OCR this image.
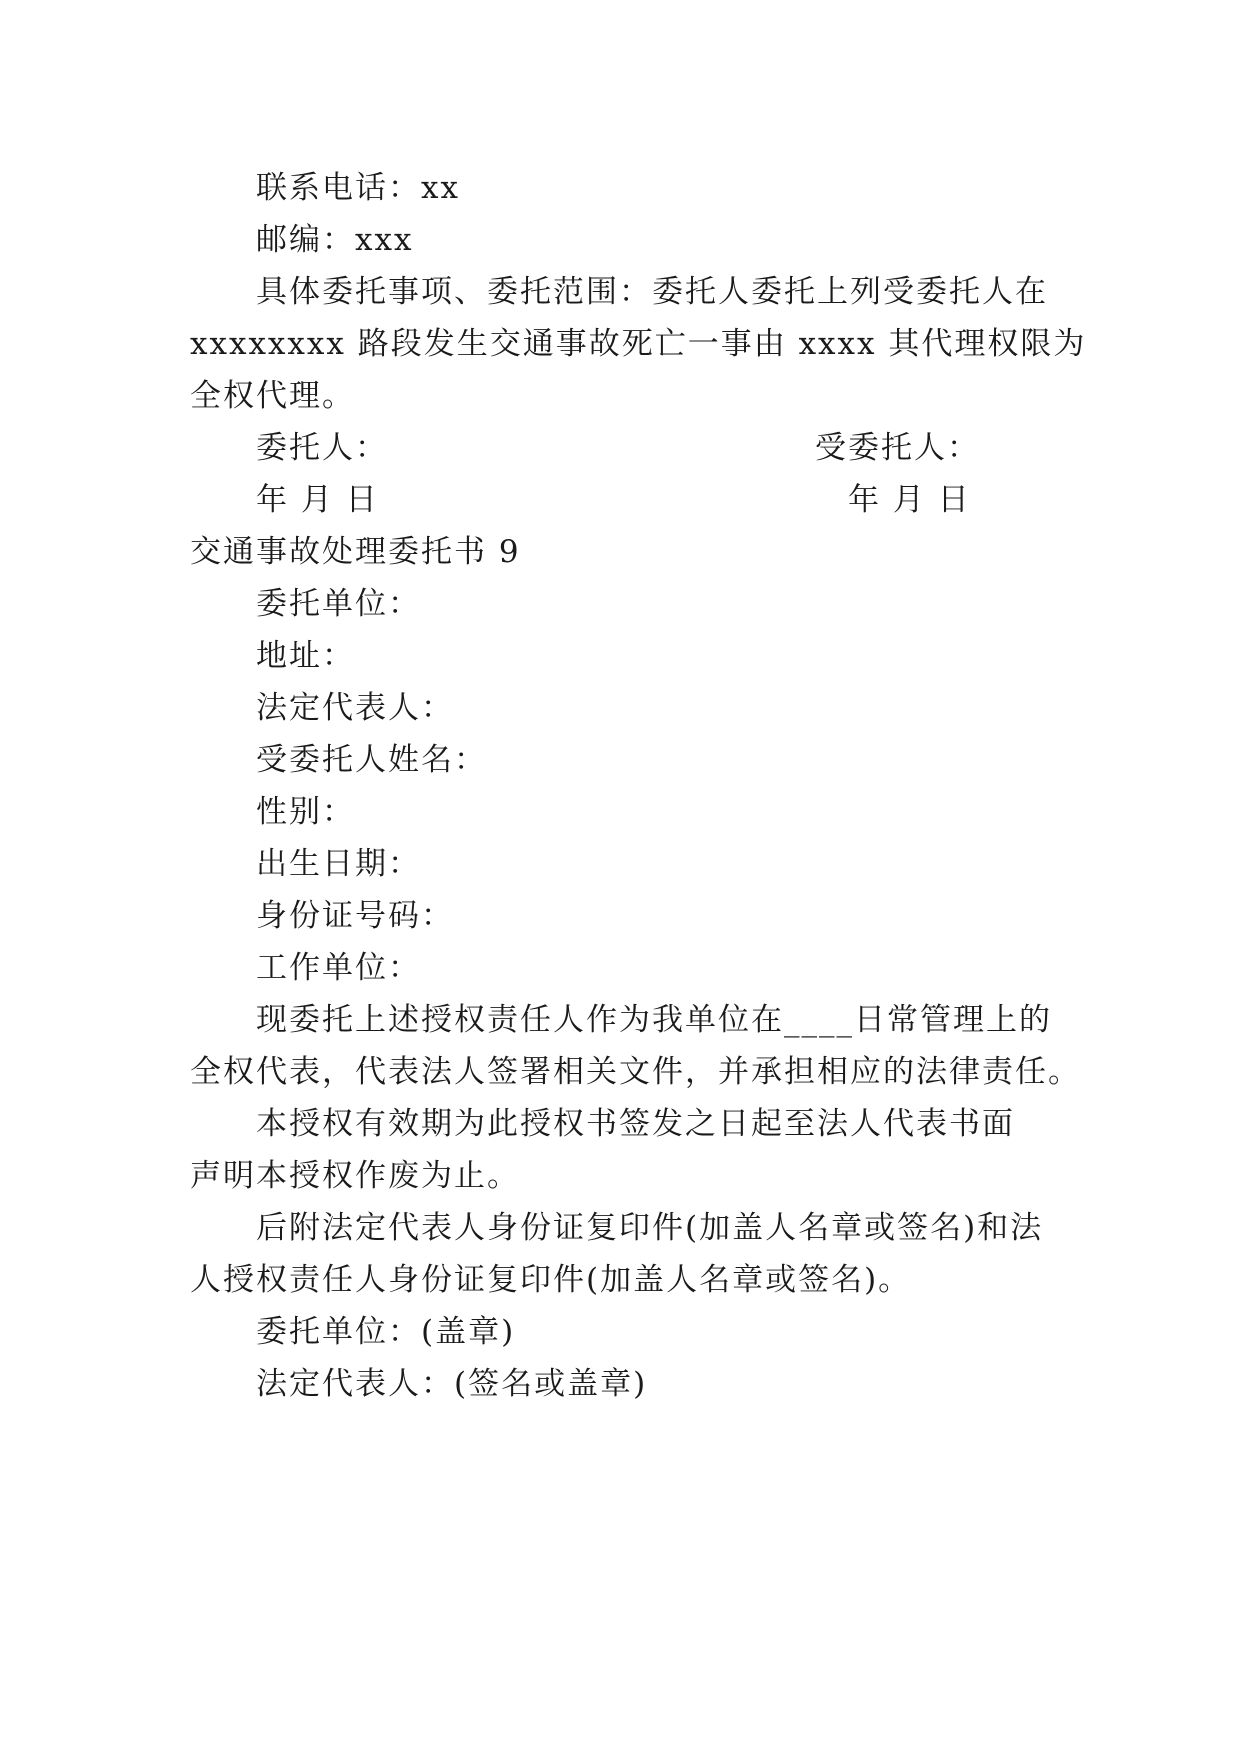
联系电话：xx
邮编：xxx
具体委托事项、委托范围：委托人委托上列受委托人在
xxxxxxxx 路段发生交通事故死亡一事由 xxxx 其代理权限为
全权代理。
委托人：	受委托人：
年 月 日	年 月 日
交通事故处理委托书 9
委托单位：
地址：
法定代表人：
受委托人姓名：
性别：
出生日期：
身份证号码：
工作单位：
现委托上述授权责任人作为我单位在____日常管理上的
全权代表，代表法人签署相关文件，并承担相应的法律责任。
本授权有效期为此授权书签发之日起至法人代表书面
声明本授权作废为止。
后附法定代表人身份证复印件(加盖人名章或签名)和法
人授权责任人身份证复印件(加盖人名章或签名)。
委托单位：(盖章)
法定代表人：(签名或盖章)
